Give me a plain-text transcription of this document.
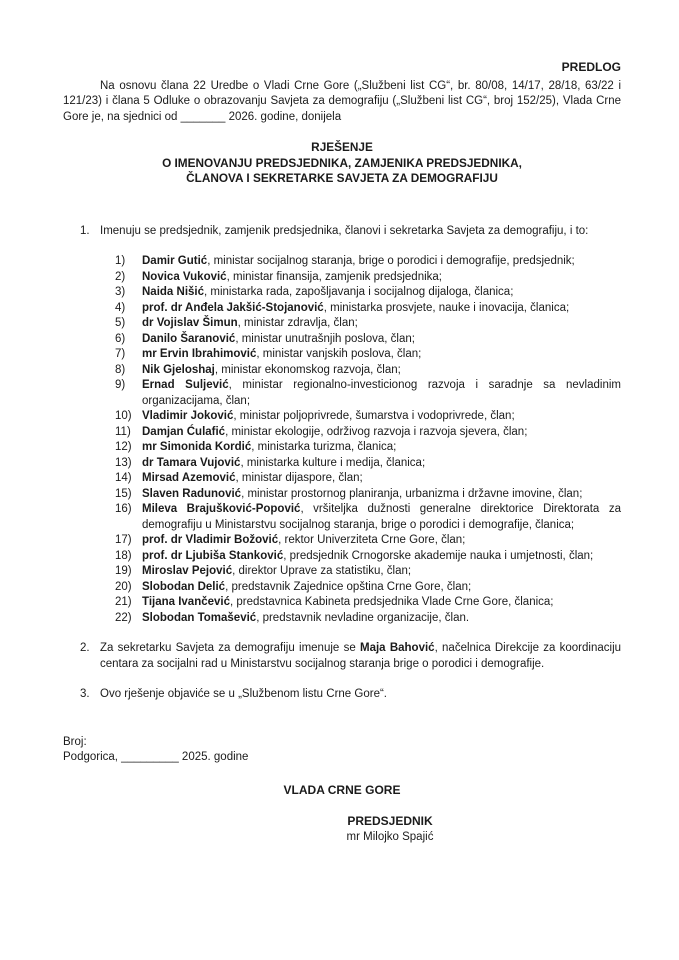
PREDLOG

Na osnovu člana 22 Uredbe o Vladi Crne Gore („Službeni list CG“, br. 80/08, 14/17, 28/18, 63/22 i 121/23) i člana 5 Odluke o obrazovanju Savjeta za demografiju („Službeni list CG“, broj 152/25), Vlada Crne Gore je, na sjednici od _______ 2026. godine, donijela

RJEŠENJE
O IMENOVANJU PREDSJEDNIKA, ZAMJENIKA PREDSJEDNIKA,
ČLANOVA I SEKRETARKE SAVJETA ZA DEMOGRAFIJU
1. Imenuju se predsjednik, zamjenik predsjednika, članovi i sekretarka Savjeta za demografiju, i to:
1)	Damir Gutić, ministar socijalnog staranja, brige o porodici i demografije, predsjednik;
2)	Novica Vuković, ministar finansija, zamjenik predsjednika;
3)	Naida Nišić, ministarka rada, zapošljavanja i socijalnog dijaloga, članica;
4)	prof. dr Anđela Jakšić-Stojanović, ministarka prosvjete, nauke i inovacija, članica;
5)	dr Vojislav Šimun, ministar zdravlja, član;
6)	Danilo Šaranović, ministar unutrašnjih poslova, član;
7)	mr Ervin Ibrahimović, ministar vanjskih poslova, član;
8)	Nik Gjeloshaj, ministar ekonomskog razvoja, član;
9)	Ernad Suljević, ministar regionalno-investicionog razvoja i saradnje sa nevladinim organizacijama, član;
10) Vladimir Joković, ministar poljoprivrede, šumarstva i vodoprivrede, član;
11) Damjan Ćulafić, ministar ekologije, održivog razvoja i razvoja sjevera, član;
12) mr Simonida Kordić, ministarka turizma, članica;
13) dr Tamara Vujović, ministarka kulture i medija, članica;
14) Mirsad Azemović, ministar dijaspore, član;
15) Slaven Radunović, ministar prostornog planiranja, urbanizma i državne imovine, član;
16) Mileva Brajušković-Popović, vršiteljka dužnosti generalne direktorice Direktorata za demografiju u Ministarstvu socijalnog staranja, brige o porodici i demografije, članica;
17) prof. dr Vladimir Božović, rektor Univerziteta Crne Gore, član;
18) prof. dr Ljubiša Stanković, predsjednik Crnogorske akademije nauka i umjetnosti, član;
19) Miroslav Pejović, direktor Uprave za statistiku, član;
20) Slobodan Delić, predstavnik Zajednice opština Crne Gore, član;
21) Tijana Ivančević, predstavnica Kabineta predsjednika Vlade Crne Gore, članica;
22) Slobodan Tomašević, predstavnik nevladine organizacije, član.
2. Za sekretarku Savjeta za demografiju imenuje se Maja Bahović, načelnica Direkcije za koordinaciju centara za socijalni rad u Ministarstvu socijalnog staranja brige o porodici i demografije.
3. Ovo rješenje objaviće se u „Službenom listu Crne Gore“.
Broj:
Podgorica, _________ 2025. godine
VLADA CRNE GORE
PREDSJEDNIK
mr Milojko Spajić
